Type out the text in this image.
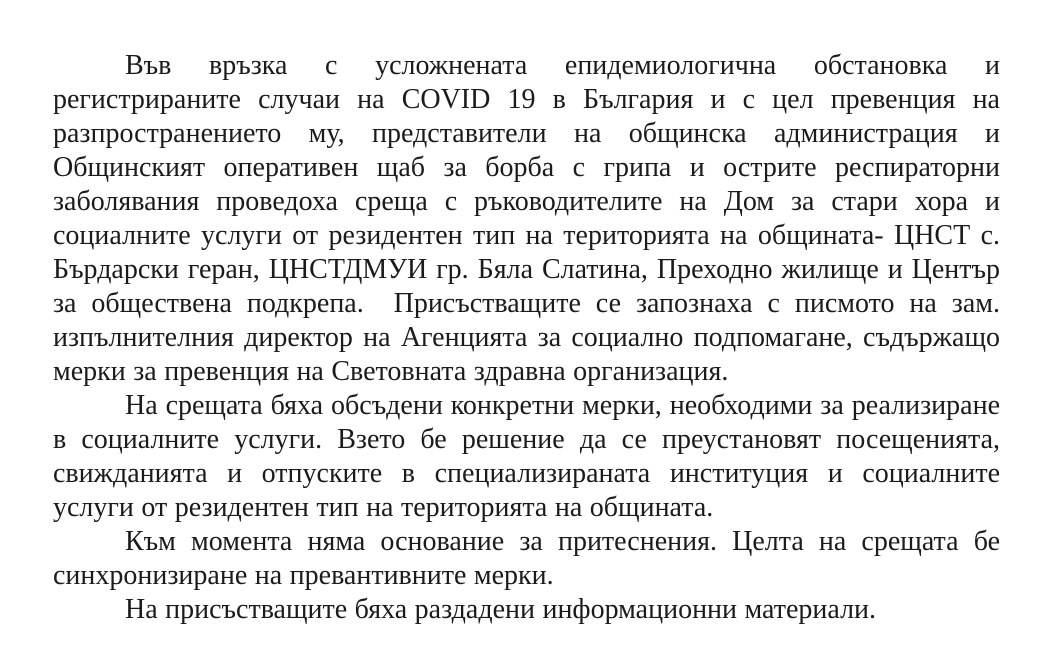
Във връзка с усложнената епидемиологична обстановка и регистрираните случаи на COVID 19 в България и с цел превенция на разпространението му, представители на общинска администрация и Общинският оперативен щаб за борба с грипа и острите респираторни заболявания проведоха среща с ръководителите на Дом за стари хора и социалните услуги от резидентен тип на територията на общината- ЦНСТ с. Бърдарски геран, ЦНСТДМУИ гр. Бяла Слатина, Преходно жилище и Център за обществена подкрепа.  Присъстващите се запознаха с писмото на зам. изпълнителния директор на Агенцията за социално подпомагане, съдържащо мерки за превенция на Световната здравна организация.

На срещата бяха обсъдени конкретни мерки, необходими за реализиране в социалните услуги. Взето бе решение да се преустановят посещенията, свижданията и отпуските в специализираната институция и социалните услуги от резидентен тип на територията на общината.

Към момента няма основание за притеснения. Целта на срещата бе синхронизиране на превантивните мерки.

На присъстващите бяха раздадени информационни материали.
